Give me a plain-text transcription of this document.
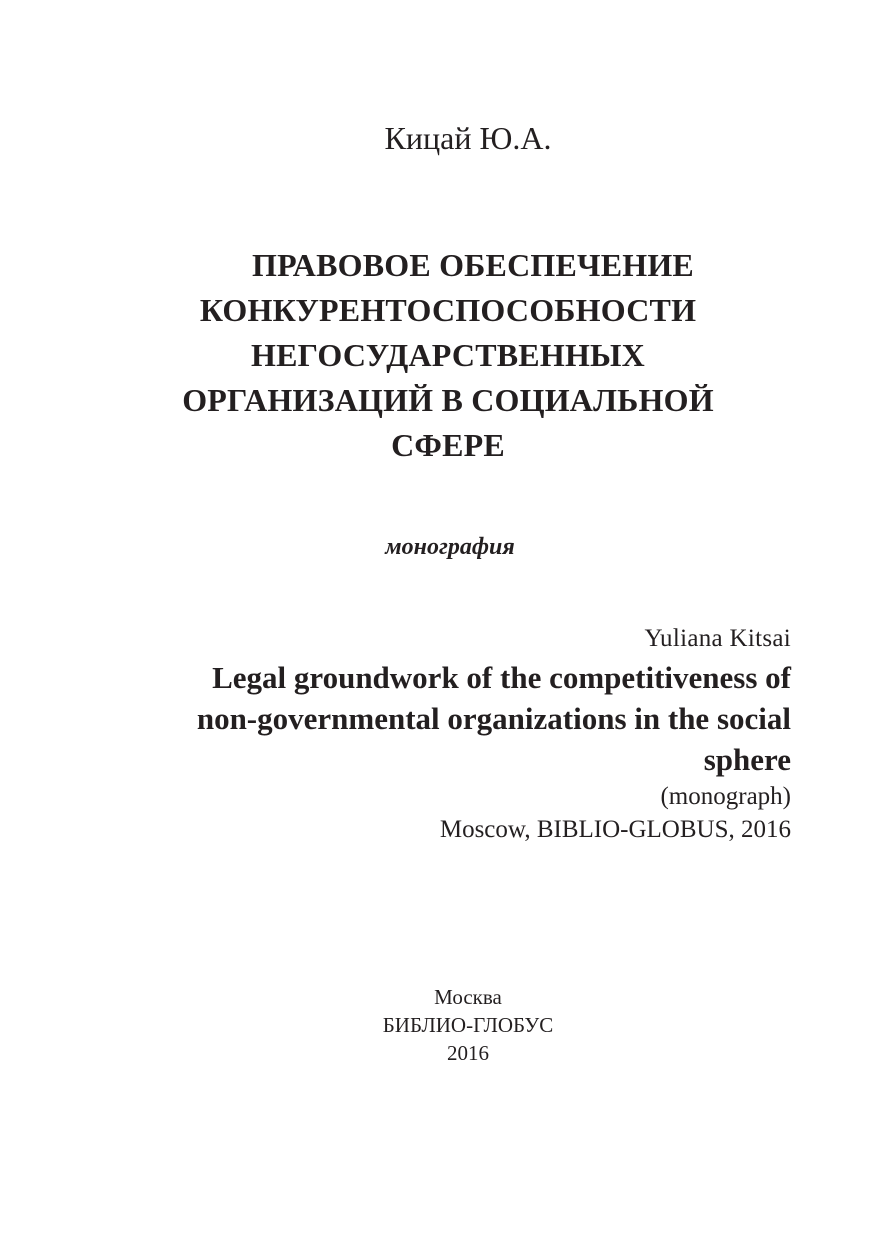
Кицай Ю.А.
ПРАВОВОЕ ОБЕСПЕЧЕНИЕ
КОНКУРЕНТОСПОСОБНОСТИ
НЕГОСУДАРСТВЕННЫХ
ОРГАНИЗАЦИЙ В СОЦИАЛЬНОЙ
СФЕРЕ
монография
Yuliana Kitsai
Legal groundwork of the competitiveness of
non-governmental organizations in the social
sphere
(monograph)
Moscow, BIBLIO-GLOBUS, 2016
Москва
БИБЛИО-ГЛОБУС
2016
